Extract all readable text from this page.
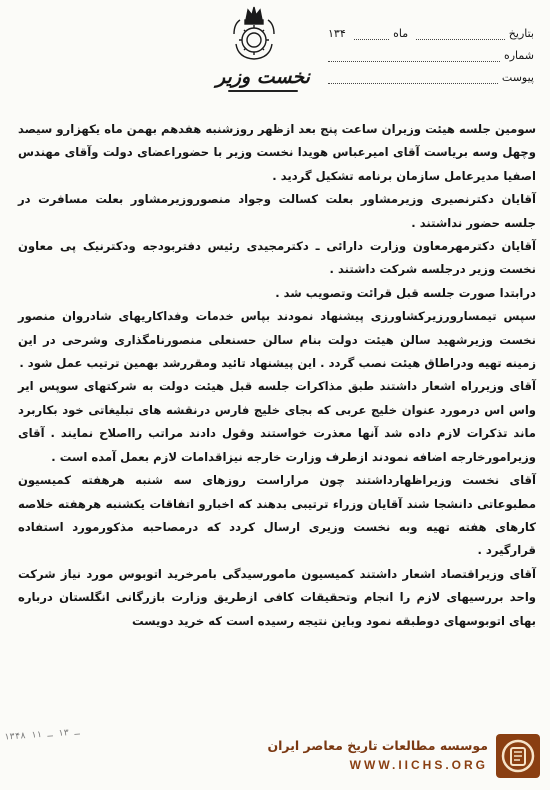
نخست وزیر
بتاریخ
ماه
۱۳۴
شماره
پیوست

سومین جلسه هیئت وزیران ساعت پنج بعد ازظهر روزشنبه هفدهم بهمن ماه یکهزارو سیصد وچهل وسه بریاست آقای امیرعباس هویدا نخست وزیر با حضوراعضای دولت وآقای مهندس اصفیا مدیرعامل سازمان برنامه تشکیل گردید .

آقایان دکترنصیری وزیرمشاور بعلت کسالت وجواد منصوروزیرمشاور بعلت مسافرت در جلسه حضور نداشتند .

آقایان دکترمهرمعاون وزارت دارائی ـ دکترمجیدی رئیس دفتربودجه ودکترنیک پی معاون نخست وزیر درجلسه شرکت داشتند .

درابتدا صورت جلسه قبل قرائت وتصویب شد .

سپس تیمسارورزیرکشاورزی پیشنهاد نمودند بپاس خدمات وفداکاریهای شادروان منصور نخست وزیرشهید سالن هیئت دولت بنام سالن حسنعلی منصورنامگذاری وشرحی در این زمینه تهیه ودراطاق هیئت نصب گردد . این پیشنهاد تائید ومقررشد بهمین ترتیب عمل شود .

آقای وزیرراه اشعار داشتند طبق مذاکرات جلسه قبل هیئت دولت به شرکتهای سوپس ایر واس اس درمورد عنوان خلیج عربی که بجای خلیج فارس درنقشه های تبلیغاتی خود بکاربرد ماند تذکرات لازم داده شد آنها معذرت خواستند وقول دادند مراتب رااصلاح نمایند . آقای وزیرامورخارجه اضافه نمودند ازطرف وزارت خارجه نیزاقدامات لازم بعمل آمده است .

آقای نخست وزیراظهارداشتند چون مراراست روزهای سه شنبه هرهفته کمیسیون مطبوعاتی دانشجا شند آقایان وزراء ترتیبی بدهند که اخبارو اتفاقات یکشنبه هرهفته خلاصه کارهای هفته تهیه وبه نخست وزیری ارسال کردد که درمصاحبه مذکورمورد استفاده قرارگیرد .

آقای وزیراقتصاد اشعار داشتند کمیسیون مامورسیدگی بامرخرید اتوبوس مورد نیاز شرکت واحد بررسیهای لازم را انجام وتحقیقات کافی ازطریق وزارت بازرگانی انگلستان درباره بهای اتوبوسهای دوطبقه نمود وباین نتیجه رسیده است که خرید دویست

۱۳۴۸ ـ ۱۳ ـ ۱۱
موسسه مطالعات تاریخ معاصر ایران
WWW.IICHS.ORG
